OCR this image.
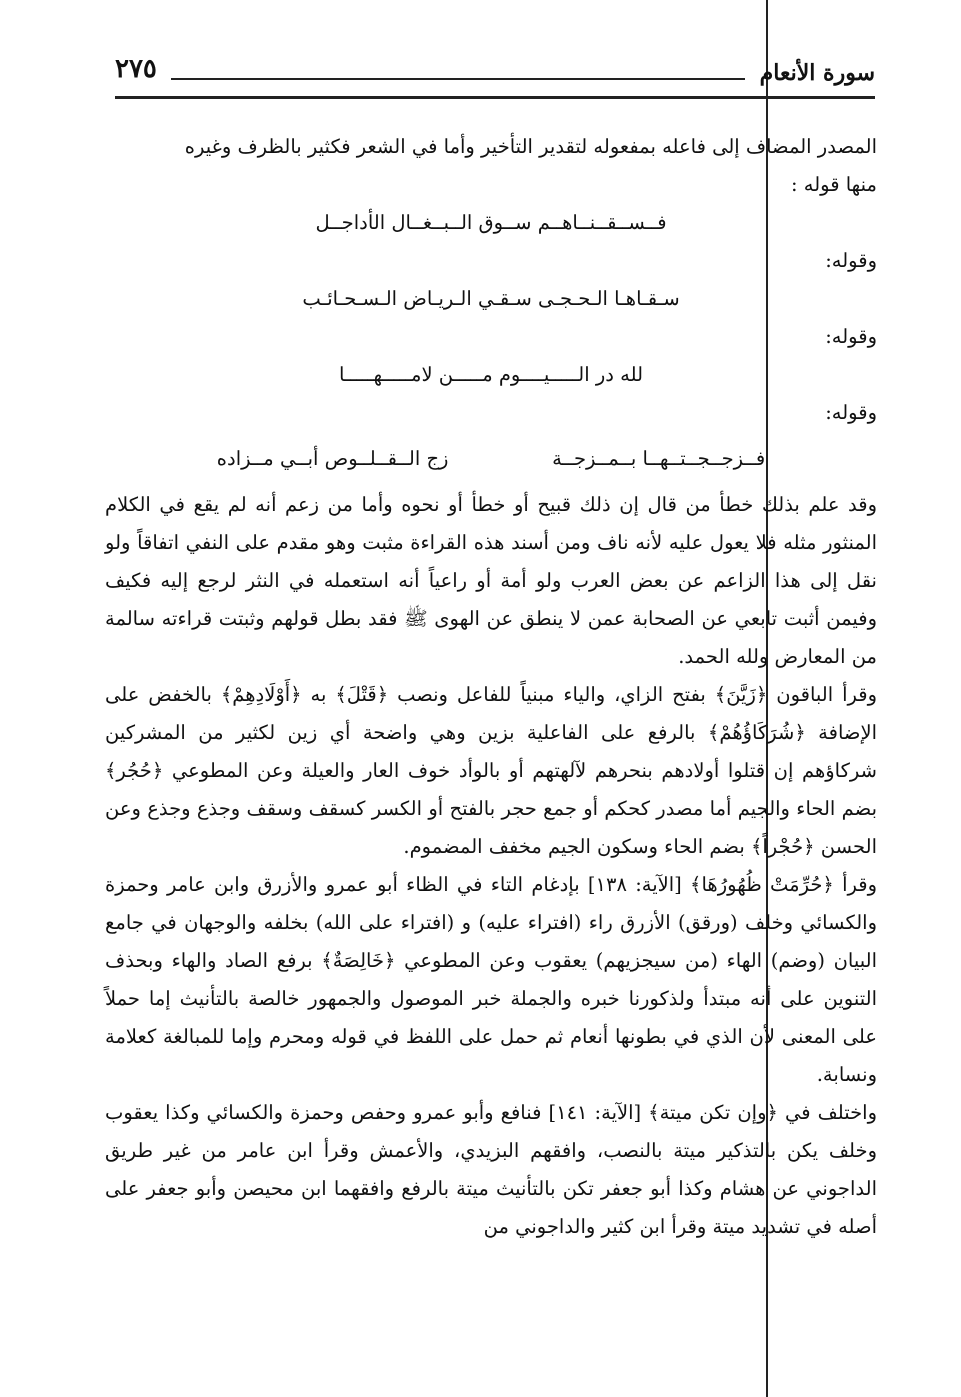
سورة الأنعام
٢٧٥

المصدر المضاف إلى فاعله بمفعوله لتقدير التأخير وأما في الشعر فكثير بالظرف وغيره

منها قوله :

فــســقــنــاهــم ســوق الــبــغــال الأداجــل

وقوله:

سـقـاهـا الـحـجـى سـقـي الـريـاض الـسـحـائـب

وقوله:

لله در الـــــيــــوم مـــــن لامـــــهـــــا

وقوله:

فــزجــجــتــهــا بــمــزجــة
زج الــقــلــوص أبــي مــزاده

وقد علم بذلك خطأ من قال إن ذلك قبيح أو خطأ أو نحوه وأما من زعم أنه لم يقع في الكلام المنثور مثله فلا يعول عليه لأنه ناف ومن أسند هذه القراءة مثبت وهو مقدم على النفي اتفاقاً ولو نقل إلى هذا الزاعم عن بعض العرب ولو أمة أو راعياً أنه استعمله في النثر لرجع إليه فكيف وفيمن أثبت تابعي عن الصحابة عمن لا ينطق عن الهوى ﷺ فقد بطل قولهم وثبتت قراءته سالمة من المعارض ولله الحمد.

وقرأ الباقون ﴿زَيَّنَ﴾ بفتح الزاي، والياء مبنياً للفاعل ونصب ﴿قَتْلَ﴾ به ﴿أَوْلَادِهِمْ﴾ بالخفض على الإضافة ﴿شُرَكَاؤُهُمْ﴾ بالرفع على الفاعلية بزين وهي واضحة أي زين لكثير من المشركين شركاؤهم إن قتلوا أولادهم بنحرهم لآلهتهم أو بالوأد خوف العار والعيلة وعن المطوعي ﴿حُجُر﴾ بضم الحاء والجيم أما مصدر كحكم أو جمع حجر بالفتح أو الكسر كسقف وسقف وجذع وجذع وعن الحسن ﴿حُجْراً﴾ بضم الحاء وسكون الجيم مخفف المضموم.

وقرأ ﴿حُرِّمَتْ ظُهُورُهَا﴾ [الآية: ١٣٨] بإدغام التاء في الظاء أبو عمرو والأزرق وابن عامر وحمزة والكسائي وخلف (ورقق) الأزرق راء (افتراء عليه) و (افتراء على الله) بخلفه والوجهان في جامع البيان (وضم) الهاء (من سيجزيهم) يعقوب وعن المطوعي ﴿خَالِصَةٌ﴾ برفع الصاد والهاء وبحذف التنوين على أنه مبتدأ ولذكورنا خبره والجملة خبر الموصول والجمهور خالصة بالتأنيث إما حملاً على المعنى لأن الذي في بطونها أنعام ثم حمل على اللفظ في قوله ومحرم وإما للمبالغة كعلامة ونسابة.

واختلف في ﴿وإن تكن ميتة﴾ [الآية: ١٤١] فنافع وأبو عمرو وحفص وحمزة والكسائي وكذا يعقوب وخلف يكن بالتذكير ميتة بالنصب، وافقهم البزيدي، والأعمش وقرأ ابن عامر من غير طريق الداجوني عن هشام وكذا أبو جعفر تكن بالتأنيث ميتة بالرفع وافقهما ابن محيصن وأبو جعفر على أصله في تشديد ميتة وقرأ ابن كثير والداجوني من
